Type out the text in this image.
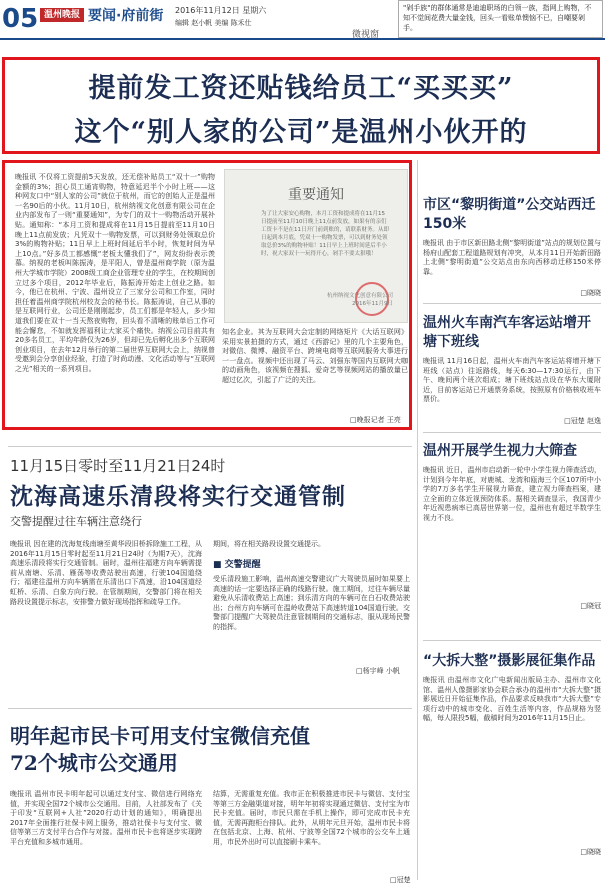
05 温州晚报 要闻·府前街 2016年11月12日 星期六
编辑 赵小帆 美编 陈禾仕
微视窗
"剁手族"的群体通常是迪迪职场的白领一族，指网上购物，不知不觉间花费大量金钱，回头一看账单懊恼不已，自嘲要剁手。
提前发工资还贴钱给员工“买买买”
这个“别人家的公司”是温州小伙开的
晚报讯 不仅将工资提前5天发放，还无偿补贴员工“双十一”购物金额的3%；担心员工通宵购物，特意延迟半个小时上班——这种网友口中“别人家的公司”就位于杭州，而它的创始人正是温州一名90后的小伙。11月10日，杭州纳视文化创意有限公司在企业内部发布了一则“重要通知”，为专门的双十一购物活动开展补贴。通知称：“本月工资和提成将在11月15日提前至11月10日晚上11点前发放；凡凭双十一购物发票，可以到财务处领取总价3%的购物补贴；11日早上上班时间延后半小时，恢复时间为早上10点。”好多员工都感慨“老板太懂我们了”，网友纷纷表示羡慕。纳视的老板叫陈振涛，是平阳人，曾是温州商学院（原为温州大学城市学院）2008级工商企业管理专业的学生，在校期间创立过多个项目，2012年毕业后，陈振涛开始走上创业之路。如今，他已在杭州、宁波、温州设立了三家分公司和工作室，同时担任着温州商学院杭州校友会的秘书长。陈振涛说，自己从事的是互联网行业，公司还是刚刚起步，员工们都是年轻人，多少知道我们要在双十一当天熬夜购物，回头看不清晰的账单后工作可能会懈怠，不如就发挥福利让大家买个痛快。纳视公司目前共有20多名员工，平均年龄仅为26岁，但却已先后孵化出多个互联网创业项目，在去年12月举行的第二届世界互联网大会上，纳视曾受邀到会分享创业经验，打造了时尚动漫、文化活动等与“互联网之光”相关的一系列项目。
重要通知
为了让大家安心购物，本月工资和提成将在11月15日提前至11月10日晚上11点前发放，如果有的亲们工资卡不是在11日开门前到账的，请联系财务。从即日起到本月底，凭双十一购物发票，可以到财务处领取总价3%的购物补贴！11日早上上班时间延后半小时，祝大家双十一玩得开心，剁手不要太狠哦！
杭州纳视文化创意有限公司
2016年11月9日
知名企业。其为互联网大会定制的网络矩片《大话互联网》采用实景拍摄的方式，通过《西游记》里的几个主要角色，对微信、微博、融资平台、跨境电商等互联网服务大事进行一一盘点。视频中还出现了马云、刘强东等国内互联网大咖的动画角色，该视频在搜狐、爱奇艺等视频网站的播放量已超过亿次，引起了广泛的关注。
□晚报记者 王亮
市区“黎明街道”公交站西迁150米
晚报讯 由于市区新田路北侧“黎明街道”站点的规划位置与杨府山配套工程道路规划有冲突，从本月11日开始新田路上北侧“黎明街道”公交站点由东向西移动迁移150米停靠。
□晓晓
温州火车南汽车客运站增开塘下班线
晚报讯 11月16日起，温州火车南汽车客运站将增开塘下班线（站点）往返路线，每天6:30—17:30运行，由下午、晚间两个班次组成；塘下班线站点设在华东大厦附近，目前客运站已开通票务系统，按照原有价格核收班车票价。
□冠楚 赵逸
温州开展学生视力大筛查
晚报讯 近日，温州市启动新一轮中小学生视力筛查活动，计划到今年年底，对鹿城、龙湾和瓯海三个区107所中小学的7万多名学生开展视力筛查，建立视力筛查档案，建立全面的立体近视预防体系。据相关调查显示，我国青少年近视患病率已高居世界第一位，温州也有超过半数学生视力不良。
□晓冠
“大拆大整”摄影展征集作品
晚报讯 由温州市文化广电新闻出版局主办、温州市文化馆、温州人像摄影家协会联合承办的温州市“大拆大整”摄影展近日开始征集作品，作品要求反映我市“大拆大整”专项行动中的城市变化、百姓生活等内容，作品规格为竖幅，每人限投5幅，截稿时间为2016年11月15日止。
□晓晓
11月15日零时至11月21日24时
沈海高速乐清段将实行交通管制
交警提醒过往车辆注意绕行
晚报讯 因在建的沈海复线南塘至黄华段旧桥拆除施工工程，从2016年11月15日零时起至11月21日24时（为期7天），沈海高速乐清段将实行交通管制。届时，温州往福建方向车辆需提前从南塘、乐清、雁荡等收费站驶出高速，行驶104国道绕行；福建往温州方向车辆需在乐清出口下高速，沿104国道经虹桥、乐清、白象方向行驶。在管制期间，交警部门将在相关路段设置提示标志，安排警力做好现场指挥和疏导工作。
期间，将在相关路段设置交通提示。
■ 交警提醒
受乐清段施工影响，温州高速交警建议广大驾驶员届时如果要上高速的话一定要选择正确的线路行驶。施工期间，过往车辆尽量避免从乐清收费站上高速；到乐清方向的车辆可在白石收费站驶出；台州方向车辆可在温岭收费站下高速转道104国道行驶。交警部门提醒广大驾驶员注意管制期间的交通标志，服从现场民警的指挥。
□杨宇峰 小帆
明年起市民卡可用支付宝微信充值
72个城市公交通用
晚报讯 温州市民卡明年起可以通过支付宝、微信进行网络充值，并实现全国72个城市公交通用。目前，人社部发布了《关于印发“互联网+人社”2020行动计划的通知》，明确提出2017年全面推行社保卡网上服务，推动社保卡与支付宝、微信等第三方支付平台合作与对接。温州市民卡也将逐步实现跨平台充值和多城市通用。
结算，无需重复充值。我市正在积极推进市民卡与微信、支付宝等第三方金融渠道对接，明年年初将实现通过微信、支付宝为市民卡充值。届时，市民只需在手机上操作，即可完成市民卡充值，无需再跑柜台排队。此外，从明年元旦开始，温州市民卡将在包括北京、上海、杭州、宁波等全国72个城市的公交车上通用，市民外出时可以直接刷卡乘车。
□冠楚
